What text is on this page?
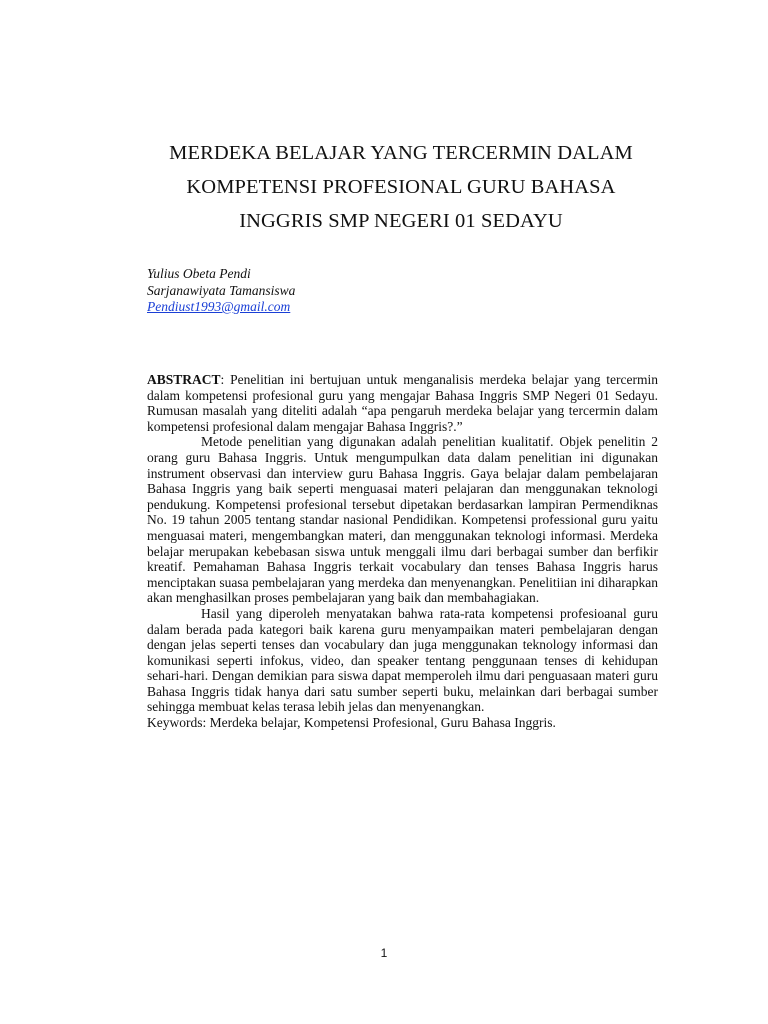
MERDEKA BELAJAR YANG TERCERMIN DALAM
KOMPETENSI PROFESIONAL GURU BAHASA
INGGRIS SMP NEGERI 01 SEDAYU
Yulius Obeta Pendi
Sarjanawiyata Tamansiswa
Pendiust1993@gmail.com

ABSTRACT: Penelitian ini bertujuan untuk menganalisis merdeka belajar yang tercermin dalam kompetensi profesional guru yang mengajar Bahasa Inggris SMP Negeri 01 Sedayu. Rumusan masalah yang diteliti adalah “apa pengaruh merdeka belajar yang tercermin dalam kompetensi profesional dalam mengajar Bahasa Inggris?.”

Metode penelitian yang digunakan adalah penelitian kualitatif. Objek penelitin 2 orang guru Bahasa Inggris. Untuk mengumpulkan data dalam penelitian ini digunakan instrument observasi dan interview guru Bahasa Inggris. Gaya belajar dalam pembelajaran Bahasa Inggris yang baik seperti menguasai materi pelajaran dan menggunakan teknologi pendukung. Kompetensi profesional tersebut dipetakan berdasarkan lampiran Permendiknas No. 19 tahun 2005 tentang standar nasional Pendidikan. Kompetensi professional guru yaitu menguasai materi, mengembangkan materi, dan menggunakan teknologi informasi. Merdeka belajar merupakan kebebasan siswa untuk menggali ilmu dari berbagai sumber dan berfikir kreatif. Pemahaman Bahasa Inggris terkait vocabulary dan tenses Bahasa Inggris harus menciptakan suasa pembelajaran yang merdeka dan menyenangkan. Penelitiian ini diharapkan akan menghasilkan proses pembelajaran yang baik dan membahagiakan.

Hasil yang diperoleh menyatakan bahwa rata-rata kompetensi profesioanal guru dalam berada pada kategori baik karena guru menyampaikan materi pembelajaran dengan dengan jelas seperti tenses dan vocabulary dan juga menggunakan teknology informasi dan komunikasi seperti infokus, video, dan speaker tentang penggunaan tenses di kehidupan sehari-hari. Dengan demikian para siswa dapat memperoleh ilmu dari penguasaan materi guru Bahasa Inggris tidak hanya dari satu sumber seperti buku, melainkan dari berbagai sumber sehingga membuat kelas terasa lebih jelas dan menyenangkan.

Keywords: Merdeka belajar, Kompetensi Profesional, Guru Bahasa Inggris.

1
